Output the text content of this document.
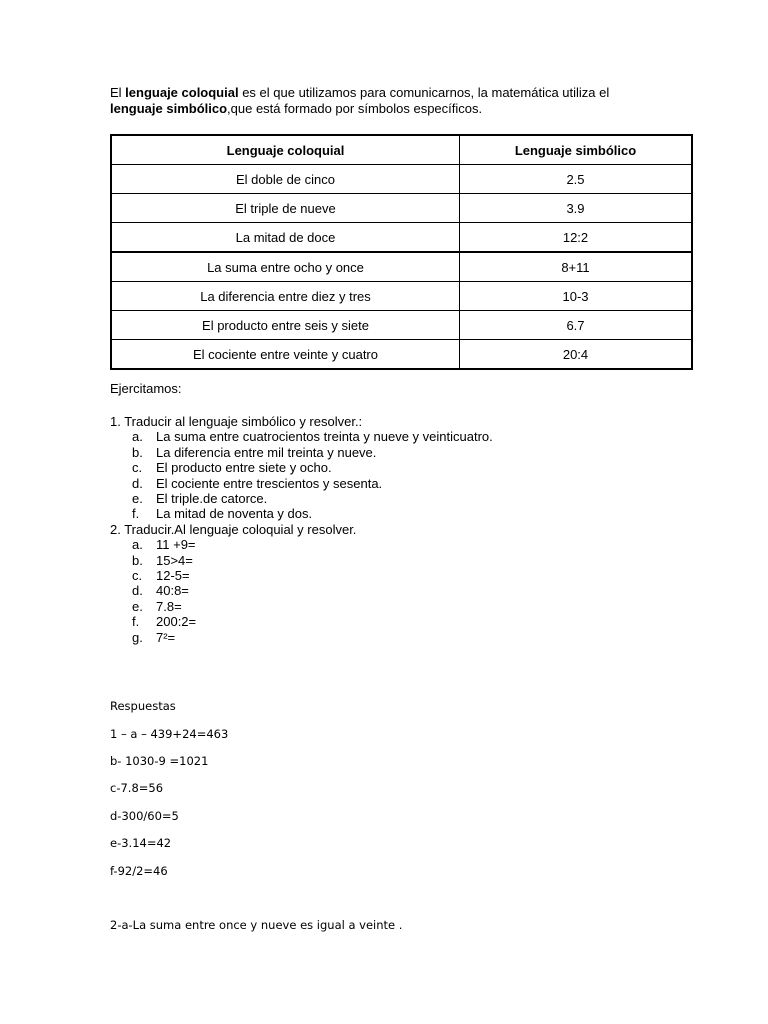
El lenguaje coloquial es el que utilizamos para comunicarnos, la matemática utiliza el
lenguaje simbólico,que está formado por símbolos específicos.

Lenguaje coloquial	Lenguaje simbólico
El doble de cinco	2.5
El triple de nueve	3.9
La mitad de doce	12:2
La suma entre ocho y once	8+11
La diferencia entre diez y tres	10-3
El producto entre seis y siete	6.7
El cociente entre veinte y cuatro	20:4

Ejercitamos:

1. Traducir al lenguaje simbólico y resolver.:

a. La suma entre cuatrocientos treinta y nueve y veinticuatro.
b. La diferencia entre mil treinta y nueve.
c. El producto entre siete y ocho.
d. El cociente entre trescientos y sesenta.
e. El triple.de catorce.
f. La mitad de noventa y dos.

2. Traducir.Al lenguaje coloquial y resolver.

a. 11 +9=
b. 15>4=
c. 12-5=
d. 40:8=
e. 7.8=
f. 200:2=
g. 7²=

Respuestas

1 – a – 439+24=463

b- 1030-9 =1021

c-7.8=56

d-300/60=5

e-3.14=42

f-92/2=46

2-a-La suma entre once y nueve es igual a veinte .
